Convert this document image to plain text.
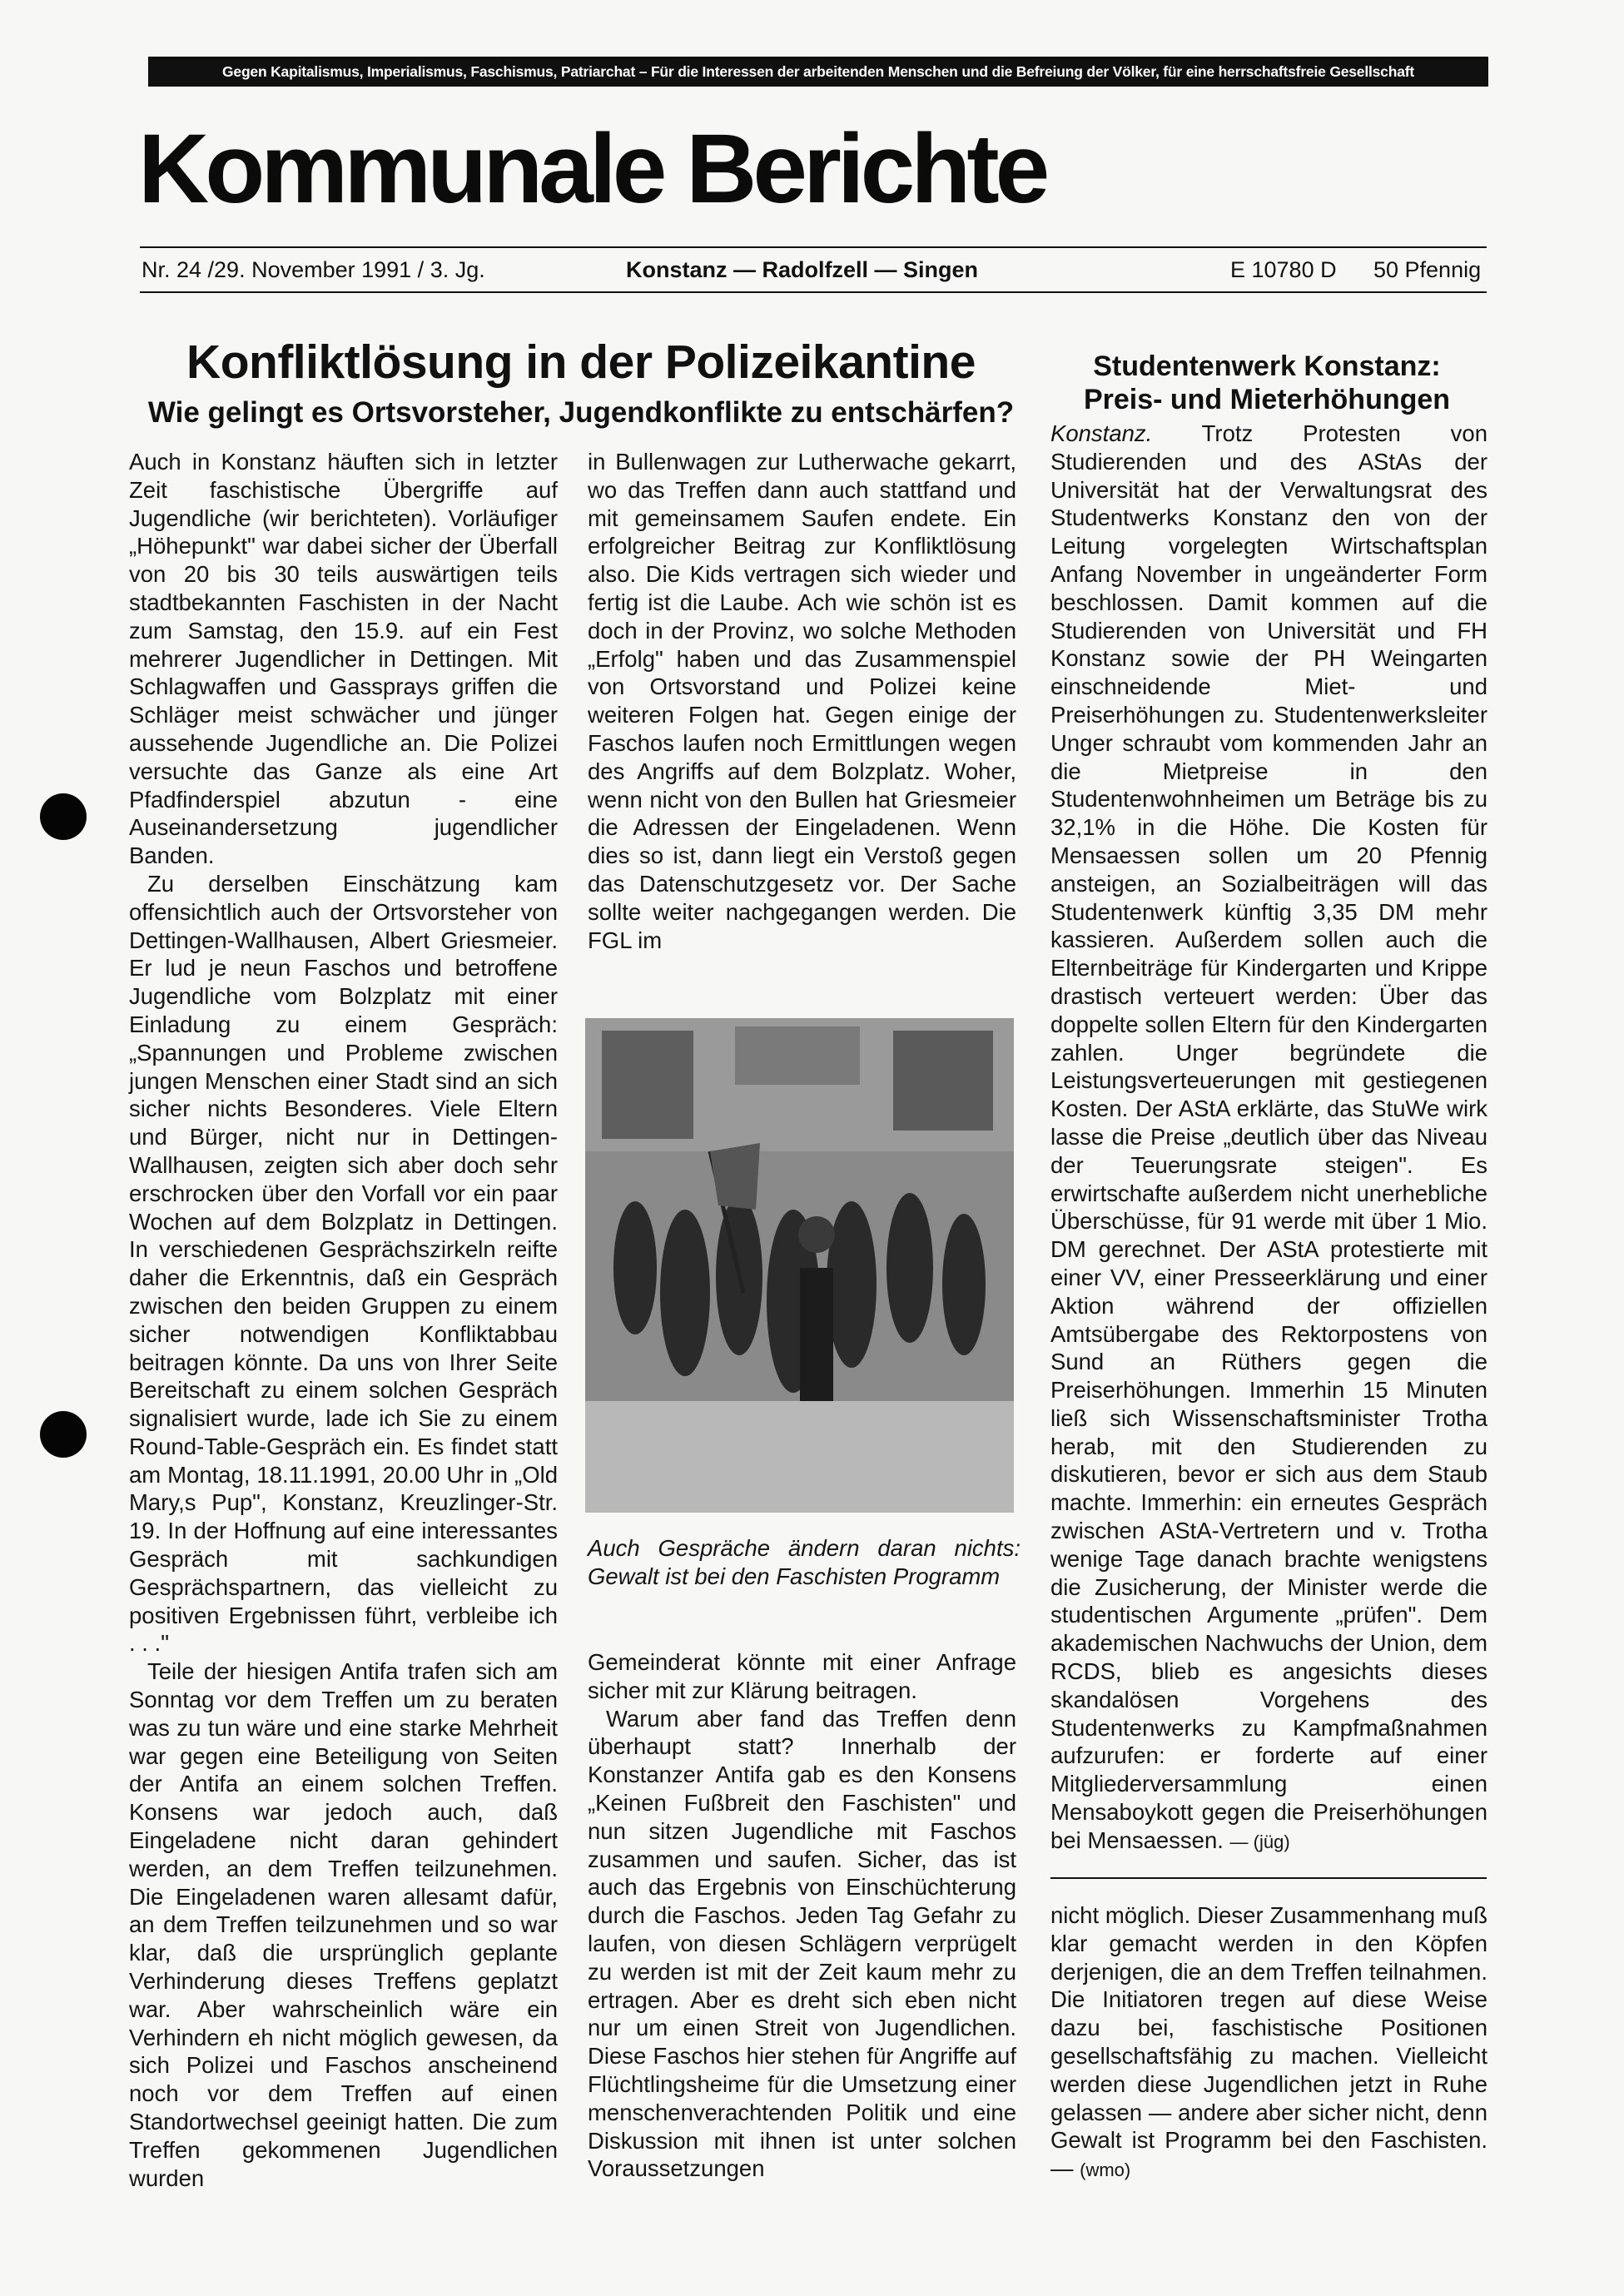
Gegen Kapitalismus, Imperialismus, Faschismus, Patriarchat – Für die Interessen der arbeitenden Menschen und die Befreiung der Völker, für eine herrschaftsfreie Gesellschaft
Kommunale Berichte
Nr. 24 /29. November 1991 / 3. Jg.	Konstanz — Radolfzell — Singen	E 10780 D 50 Pfennig
Konfliktlösung in der Polizeikantine
Wie gelingt es Ortsvorsteher, Jugendkonflikte zu entschärfen?

Auch in Konstanz häuften sich in letzter Zeit faschistische Übergriffe auf Jugendliche (wir berichteten). Vorläufiger „Höhepunkt" war dabei sicher der Überfall von 20 bis 30 teils auswärtigen teils stadtbekannten Faschisten in der Nacht zum Samstag, den 15.9. auf ein Fest mehrerer Jugendlicher in Dettingen. Mit Schlagwaffen und Gassprays griffen die Schläger meist schwächer und jünger aussehende Jugendliche an. Die Polizei versuchte das Ganze als eine Art Pfadfinderspiel abzutun - eine Auseinandersetzung jugendlicher Banden.

Zu derselben Einschätzung kam offensichtlich auch der Ortsvorsteher von Dettingen-Wallhausen, Albert Griesmeier. Er lud je neun Faschos und betroffene Jugendliche vom Bolzplatz mit einer Einladung zu einem Gespräch: „Spannungen und Probleme zwischen jungen Menschen einer Stadt sind an sich sicher nichts Besonderes. Viele Eltern und Bürger, nicht nur in Dettingen-Wallhausen, zeigten sich aber doch sehr erschrocken über den Vorfall vor ein paar Wochen auf dem Bolzplatz in Dettingen. In verschiedenen Gesprächszirkeln reifte daher die Erkenntnis, daß ein Gespräch zwischen den beiden Gruppen zu einem sicher notwendigen Konfliktabbau beitragen könnte. Da uns von Ihrer Seite Bereitschaft zu einem solchen Gespräch signalisiert wurde, lade ich Sie zu einem Round-Table-Gespräch ein. Es findet statt am Montag, 18.11.1991, 20.00 Uhr in „Old Mary,s Pup", Konstanz, Kreuzlinger-Str. 19. In der Hoffnung auf eine interessantes Gespräch mit sachkundigen Gesprächspartnern, das vielleicht zu positiven Ergebnissen führt, verbleibe ich . . ."

Teile der hiesigen Antifa trafen sich am Sonntag vor dem Treffen um zu beraten was zu tun wäre und eine starke Mehrheit war gegen eine Beteiligung von Seiten der Antifa an einem solchen Treffen. Konsens war jedoch auch, daß Eingeladene nicht daran gehindert werden, an dem Treffen teilzunehmen. Die Eingeladenen waren allesamt dafür, an dem Treffen teilzunehmen und so war klar, daß die ursprünglich geplante Verhinderung dieses Treffens geplatzt war. Aber wahrscheinlich wäre ein Verhindern eh nicht möglich gewesen, da sich Polizei und Faschos anscheinend noch vor dem Treffen auf einen Standortwechsel geeinigt hatten. Die zum Treffen gekommenen Jugendlichen wurden

in Bullenwagen zur Lutherwache gekarrt, wo das Treffen dann auch stattfand und mit gemeinsamem Saufen endete. Ein erfolgreicher Beitrag zur Konfliktlösung also. Die Kids vertragen sich wieder und fertig ist die Laube. Ach wie schön ist es doch in der Provinz, wo solche Methoden „Erfolg" haben und das Zusammenspiel von Ortsvorstand und Polizei keine weiteren Folgen hat. Gegen einige der Faschos laufen noch Ermittlungen wegen des Angriffs auf dem Bolzplatz. Woher, wenn nicht von den Bullen hat Griesmeier die Adressen der Eingeladenen. Wenn dies so ist, dann liegt ein Verstoß gegen das Datenschutzgesetz vor. Der Sache sollte weiter nachgegangen werden. Die FGL im

Auch Gespräche ändern daran nichts: Gewalt ist bei den Faschisten Programm

Gemeinderat könnte mit einer Anfrage sicher mit zur Klärung beitragen.

Warum aber fand das Treffen denn überhaupt statt? Innerhalb der Konstanzer Antifa gab es den Konsens „Keinen Fußbreit den Faschisten" und nun sitzen Jugendliche mit Faschos zusammen und saufen. Sicher, das ist auch das Ergebnis von Einschüchterung durch die Faschos. Jeden Tag Gefahr zu laufen, von diesen Schlägern verprügelt zu werden ist mit der Zeit kaum mehr zu ertragen. Aber es dreht sich eben nicht nur um einen Streit von Jugendlichen. Diese Faschos hier stehen für Angriffe auf Flüchtlingsheime für die Umsetzung einer menschenverachtenden Politik und eine Diskussion mit ihnen ist unter solchen Voraussetzungen

Studentenwerk Konstanz: Preis- und Mieterhöhungen

Konstanz. Trotz Protesten von Studierenden und des AStAs der Universität hat der Verwaltungsrat des Studentwerks Konstanz den von der Leitung vorgelegten Wirtschaftsplan Anfang November in ungeänderter Form beschlossen. Damit kommen auf die Studierenden von Universität und FH Konstanz sowie der PH Weingarten einschneidende Miet- und Preiserhöhungen zu. Studentenwerksleiter Unger schraubt vom kommenden Jahr an die Mietpreise in den Studentenwohnheimen um Beträge bis zu 32,1% in die Höhe. Die Kosten für Mensaessen sollen um 20 Pfennig ansteigen, an Sozialbeiträgen will das Studentenwerk künftig 3,35 DM mehr kassieren. Außerdem sollen auch die Elternbeiträge für Kindergarten und Krippe drastisch verteuert werden: Über das doppelte sollen Eltern für den Kindergarten zahlen. Unger begründete die Leistungsverteuerungen mit gestiegenen Kosten. Der AStA erklärte, das StuWe wirk lasse die Preise „deutlich über das Niveau der Teuerungsrate steigen". Es erwirtschafte außerdem nicht unerhebliche Überschüsse, für 91 werde mit über 1 Mio. DM gerechnet. Der AStA protestierte mit einer VV, einer Presseerklärung und einer Aktion während der offiziellen Amtsübergabe des Rektorpostens von Sund an Rüthers gegen die Preiserhöhungen. Immerhin 15 Minuten ließ sich Wissenschaftsminister Trotha herab, mit den Studierenden zu diskutieren, bevor er sich aus dem Staub machte. Immerhin: ein erneutes Gespräch zwischen AStA-Vertretern und v. Trotha wenige Tage danach brachte wenigstens die Zusicherung, der Minister werde die studentischen Argumente „prüfen". Dem akademischen Nachwuchs der Union, dem RCDS, blieb es angesichts dieses skandalösen Vorgehens des Studentenwerks zu Kampfmaßnahmen aufzurufen: er forderte auf einer Mitgliederversammlung einen Mensaboykott gegen die Preiserhöhungen bei Mensaessen. — (jüg)

nicht möglich. Dieser Zusammenhang muß klar gemacht werden in den Köpfen derjenigen, die an dem Treffen teilnahmen. Die Initiatoren tregen auf diese Weise dazu bei, faschistische Positionen gesellschaftsfähig zu machen. Vielleicht werden diese Jugendlichen jetzt in Ruhe gelassen — andere aber sicher nicht, denn Gewalt ist Programm bei den Faschisten. — (wmo)
